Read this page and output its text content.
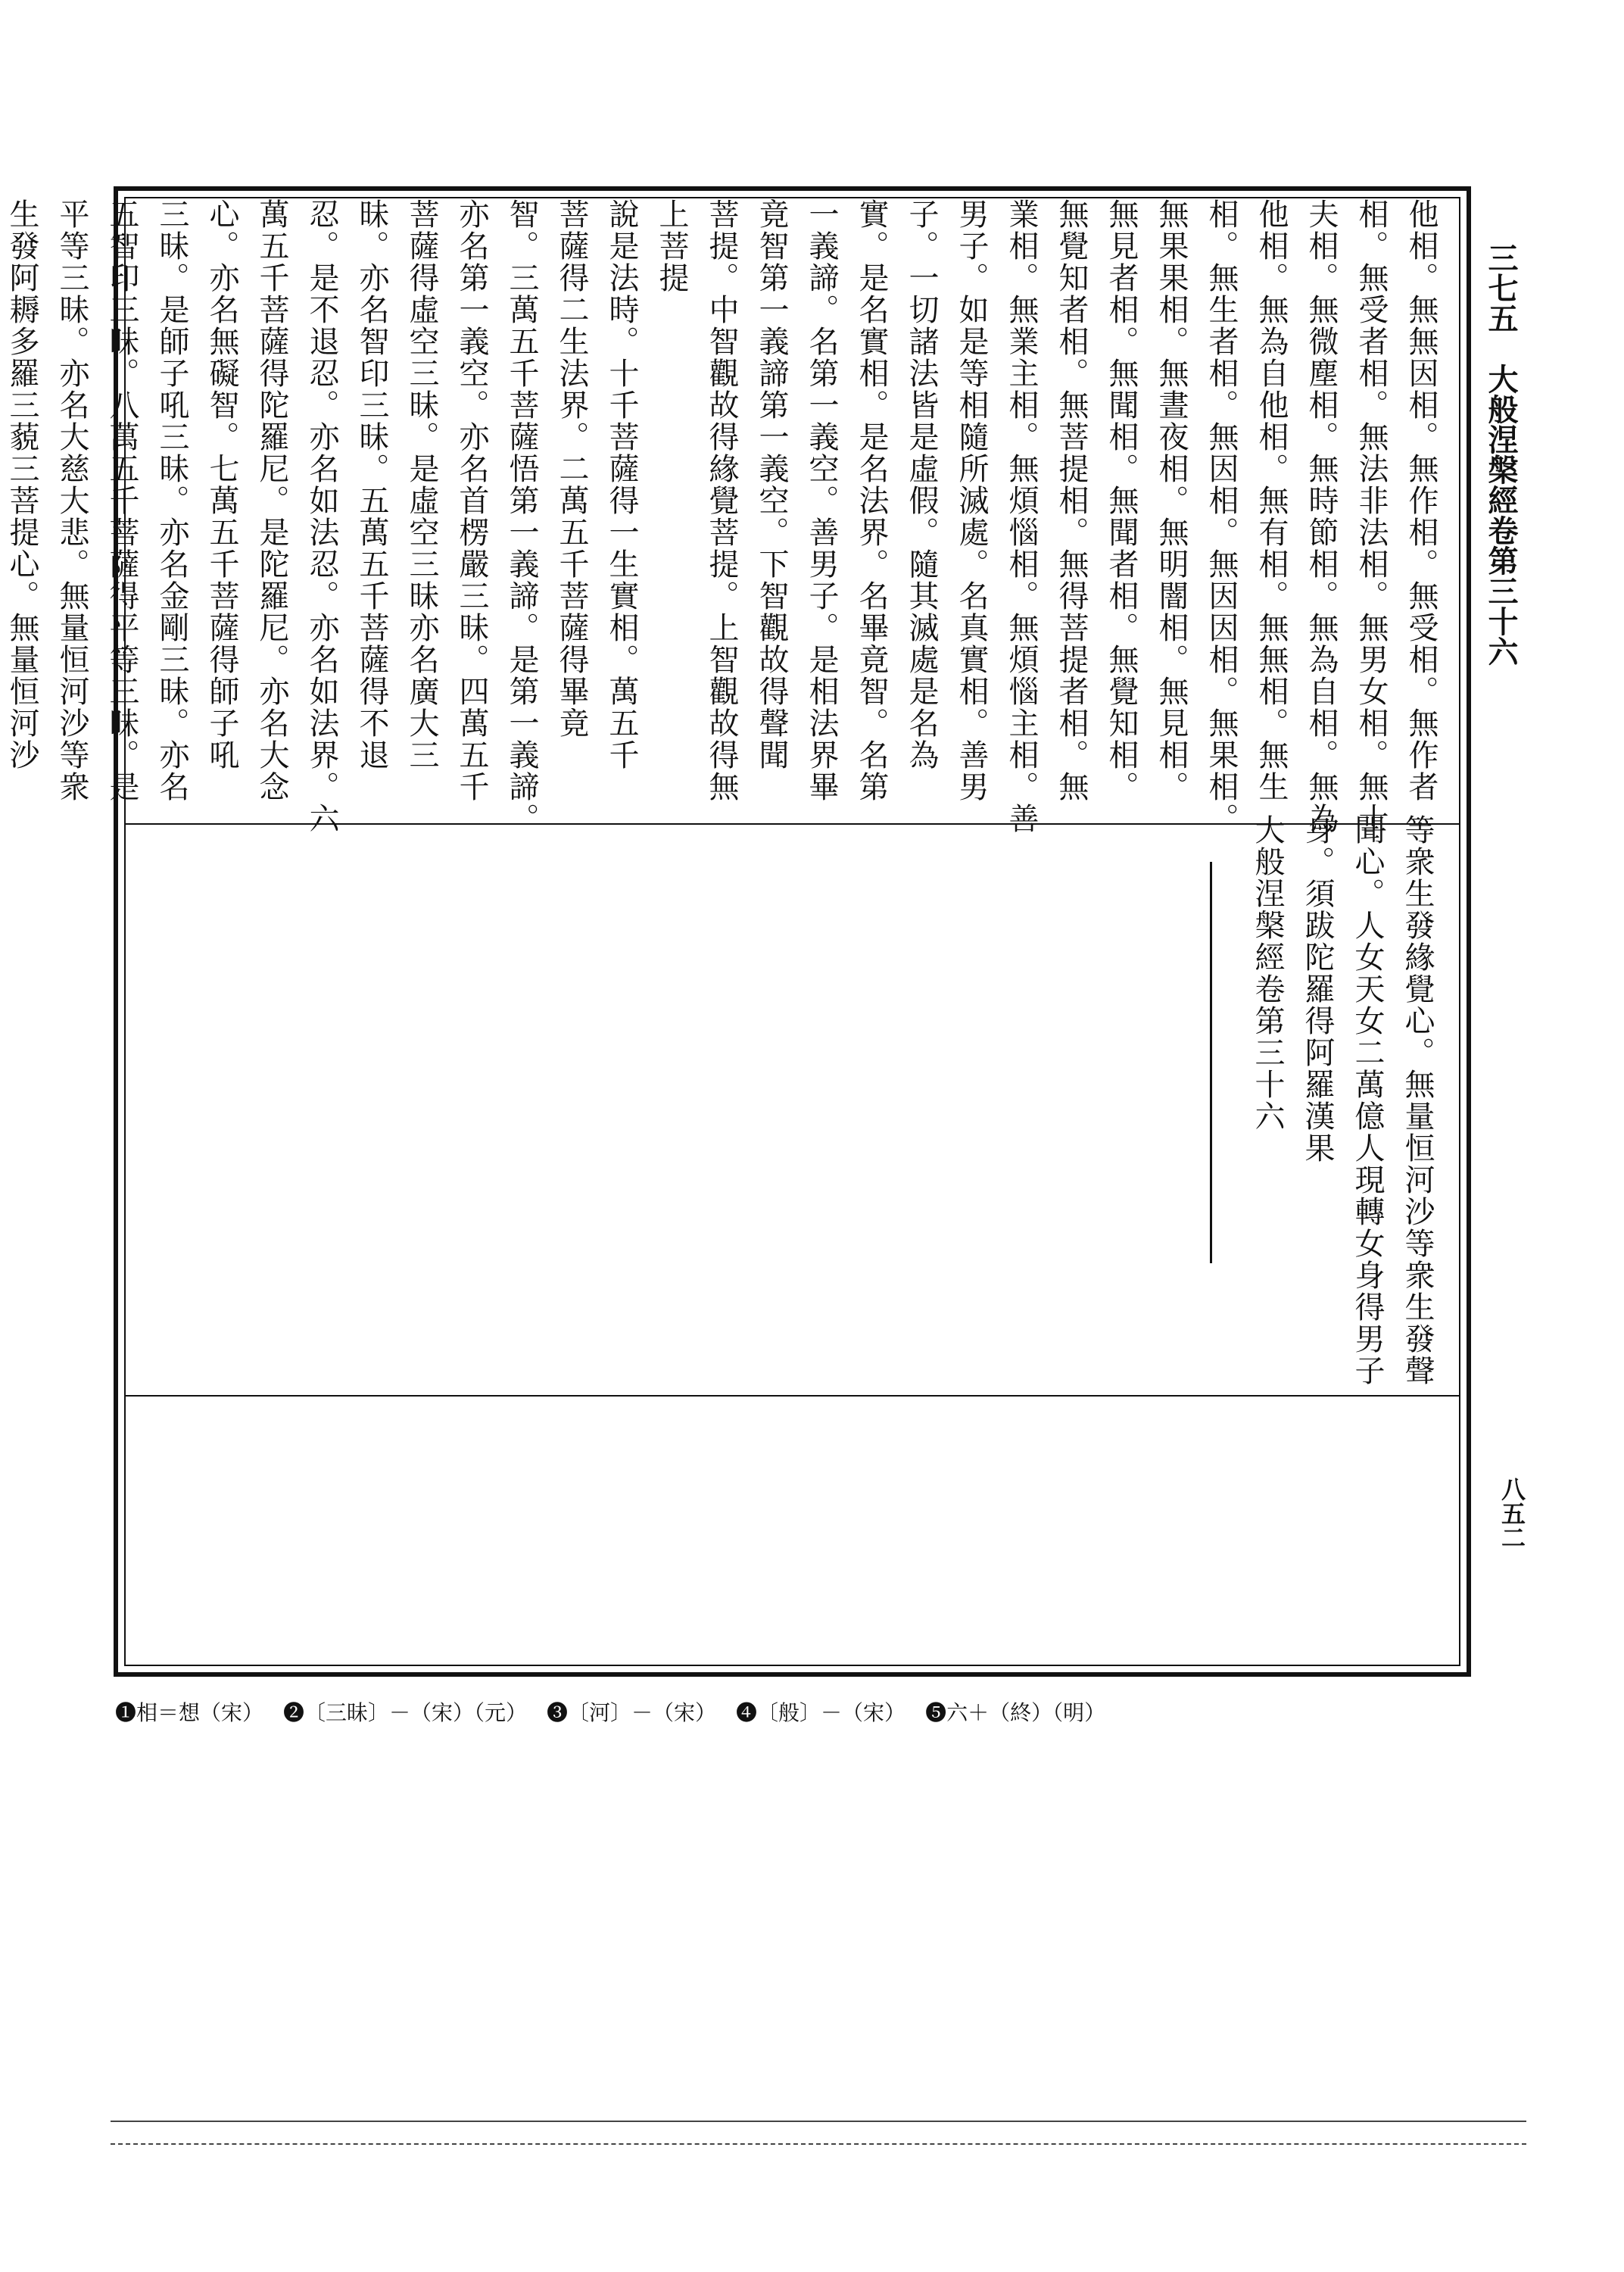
三七五大般涅槃經卷第三十六
八五二
他相。無無因相。無作相。無受相。無作者
相。無受者相。無法非法相。無男女相。無士
夫相。無微塵相。無時節相。無為自相。無為
他相。無為自他相。無有相。無無相。無生
相。無生者相。無因相。無因因相。無果相。
無果果相。無晝夜相。無明闇相。無見相。
無見者相。無聞相。無聞者相。無覺知相。
無覺知者相。無菩提相。無得菩提者相。無
業相。無業主相。無煩惱相。無煩惱主相。善
男子。如是等相隨所滅處。名真實相。善男
子。一切諸法皆是虛假。隨其滅處是名為
實。是名實相。是名法界。名畢竟智。名第
一義諦。名第一義空。善男子。是相法界畢
竟智第一義諦第一義空。下智觀故得聲聞
菩提。中智觀故得緣覺菩提。上智觀故得無
上菩提
說是法時。十千菩薩得一生實相。萬五千
菩薩得二生法界。二萬五千菩薩得畢竟
智。三萬五千菩薩悟第一義諦。是第一義諦。
亦名第一義空。亦名首楞嚴三昧。四萬五千
菩薩得虛空三昧。是虛空三昧亦名廣大三
昧。亦名智印三昧。五萬五千菩薩得不退
忍。是不退忍。亦名如法忍。亦名如法界。六
萬五千菩薩得陀羅尼。是陀羅尼。亦名大念
心。亦名無礙智。七萬五千菩薩得師子吼
三昧。是師子吼三昧。亦名金剛三昧。亦名
五智印三昧。八萬五千菩薩得平等三昧。是
平等三昧。亦名大慈大悲。無量恒河沙等衆
生發阿耨多羅三藐三菩提心。無量恒河沙
等衆生發緣覺心。無量恒河沙等衆生發聲
聞心。人女天女二萬億人現轉女身得男子
身。須跋陀羅得阿羅漢果
大般涅槃經卷第三十六
❶相＝想（宋） ❷〔三昧〕－（宋）（元） ❸〔河〕－（宋） ❹〔般〕－（宋） ❺六＋（終）（明）
